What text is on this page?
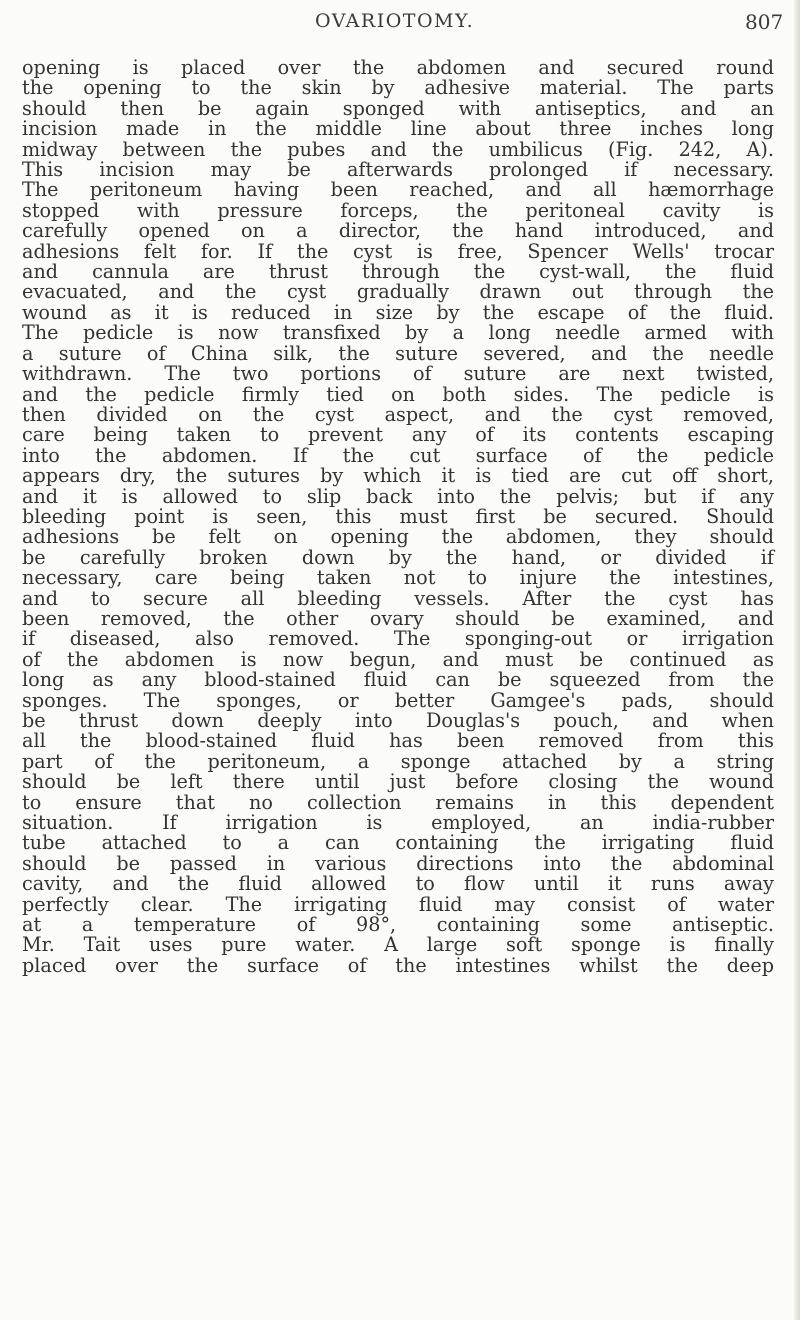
OVARIOTOMY.	807
opening is placed over the abdomen and secured round
the opening to the skin by adhesive material. The parts
should then be again sponged with antiseptics, and an
incision made in the middle line about three inches long
midway between the pubes and the umbilicus (Fig. 242, A).
This incision may be afterwards prolonged if necessary.
The peritoneum having been reached, and all hæmorrhage
stopped with pressure forceps, the peritoneal cavity is
carefully opened on a director, the hand introduced, and
adhesions felt for. If the cyst is free, Spencer Wells' trocar
and cannula are thrust through the cyst-wall, the fluid
evacuated, and the cyst gradually drawn out through the
wound as it is reduced in size by the escape of the fluid.
The pedicle is now transfixed by a long needle armed with
a suture of China silk, the suture severed, and the needle
withdrawn. The two portions of suture are next twisted,
and the pedicle firmly tied on both sides. The pedicle is
then divided on the cyst aspect, and the cyst removed,
care being taken to prevent any of its contents escaping
into the abdomen. If the cut surface of the pedicle
appears dry, the sutures by which it is tied are cut off short,
and it is allowed to slip back into the pelvis; but if any
bleeding point is seen, this must first be secured. Should
adhesions be felt on opening the abdomen, they should
be carefully broken down by the hand, or divided if
necessary, care being taken not to injure the intestines,
and to secure all bleeding vessels. After the cyst has
been removed, the other ovary should be examined, and
if diseased, also removed. The sponging-out or irrigation
of the abdomen is now begun, and must be continued as
long as any blood-stained fluid can be squeezed from the
sponges. The sponges, or better Gamgee's pads, should
be thrust down deeply into Douglas's pouch, and when
all the blood-stained fluid has been removed from this
part of the peritoneum, a sponge attached by a string
should be left there until just before closing the wound
to ensure that no collection remains in this dependent
situation. If irrigation is employed, an india-rubber
tube attached to a can containing the irrigating fluid
should be passed in various directions into the abdominal
cavity, and the fluid allowed to flow until it runs away
perfectly clear. The irrigating fluid may consist of water
at a temperature of 98°, containing some antiseptic.
Mr. Tait uses pure water. A large soft sponge is finally
placed over the surface of the intestines whilst the deep
